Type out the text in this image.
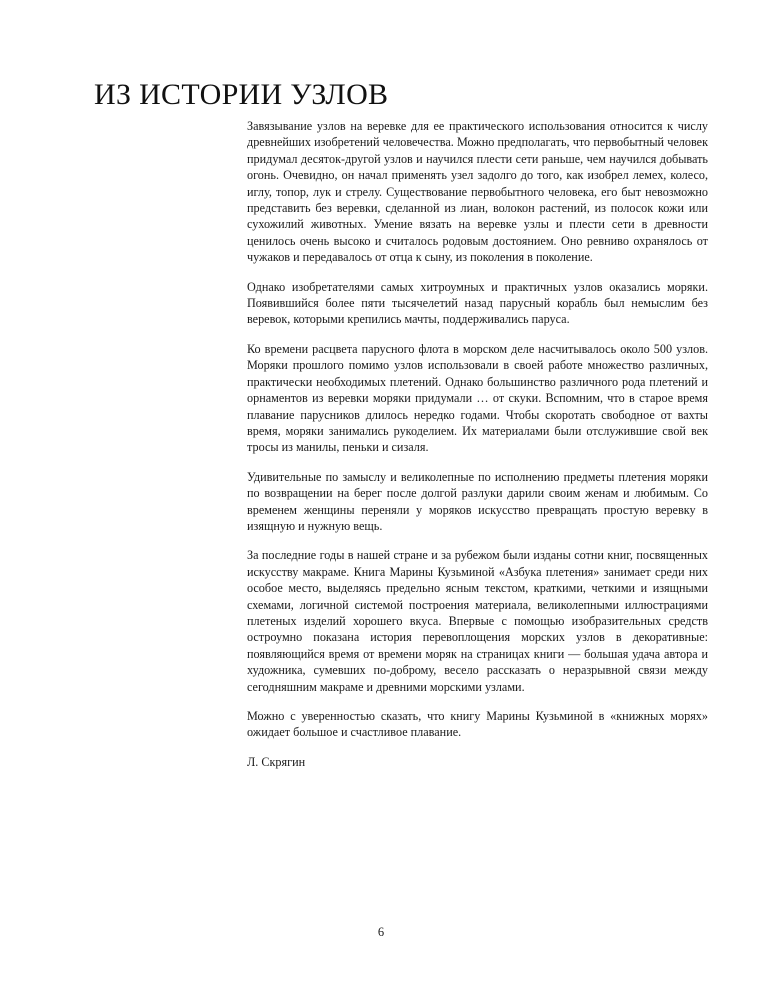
ИЗ ИСТОРИИ УЗЛОВ

Завязывание узлов на веревке для ее практического использования относится к числу древнейших изобретений человечества. Можно предполагать, что первобытный человек придумал десяток-другой узлов и научился плести сети раньше, чем научился добывать огонь. Очевидно, он начал применять узел задолго до того, как изобрел лемех, колесо, иглу, топор, лук и стрелу. Существование первобытного человека, его быт невозможно представить без веревки, сделанной из лиан, волокон растений, из полосок кожи или сухожилий животных. Умение вязать на веревке узлы и плести сети в древности ценилось очень высоко и считалось родовым достоянием. Оно ревниво охранялось от чужаков и передавалось от отца к сыну, из поколения в поколение.

Однако изобретателями самых хитроумных и практичных узлов оказались моряки. Появившийся более пяти тысячелетий назад парусный корабль был немыслим без веревок, которыми крепились мачты, поддерживались паруса.

Ко времени расцвета парусного флота в морском деле насчитывалось около 500 узлов. Моряки прошлого помимо узлов использовали в своей работе множество различных, практически необходимых плетений. Однако большинство различного рода плетений и орнаментов из веревки моряки придумали … от скуки. Вспомним, что в старое время плавание парусников длилось нередко годами. Чтобы скоротать свободное от вахты время, моряки занимались рукоделием. Их материалами были отслужившие свой век тросы из манилы, пеньки и сизаля.

Удивительные по замыслу и великолепные по исполнению предметы плетения моряки по возвращении на берег после долгой разлуки дарили своим женам и любимым. Со временем женщины переняли у моряков искусство превращать простую веревку в изящную и нужную вещь.

За последние годы в нашей стране и за рубежом были изданы сотни книг, посвященных искусству макраме. Книга Марины Кузьминой «Азбука плетения» занимает среди них особое место, выделяясь предельно ясным текстом, краткими, четкими и изящными схемами, логичной системой построения материала, великолепными иллюстрациями плетеных изделий хорошего вкуса. Впервые с помощью изобразительных средств остроумно показана история перевоплощения морских узлов в декоративные: появляющийся время от времени моряк на страницах книги — большая удача автора и художника, сумевших по-доброму, весело рассказать о неразрывной связи между сегодняшним макраме и древними морскими узлами.

Можно с уверенностью сказать, что книгу Марины Кузьминой в «книжных морях» ожидает большое и счастливое плавание.

Л. Скрягин

6
